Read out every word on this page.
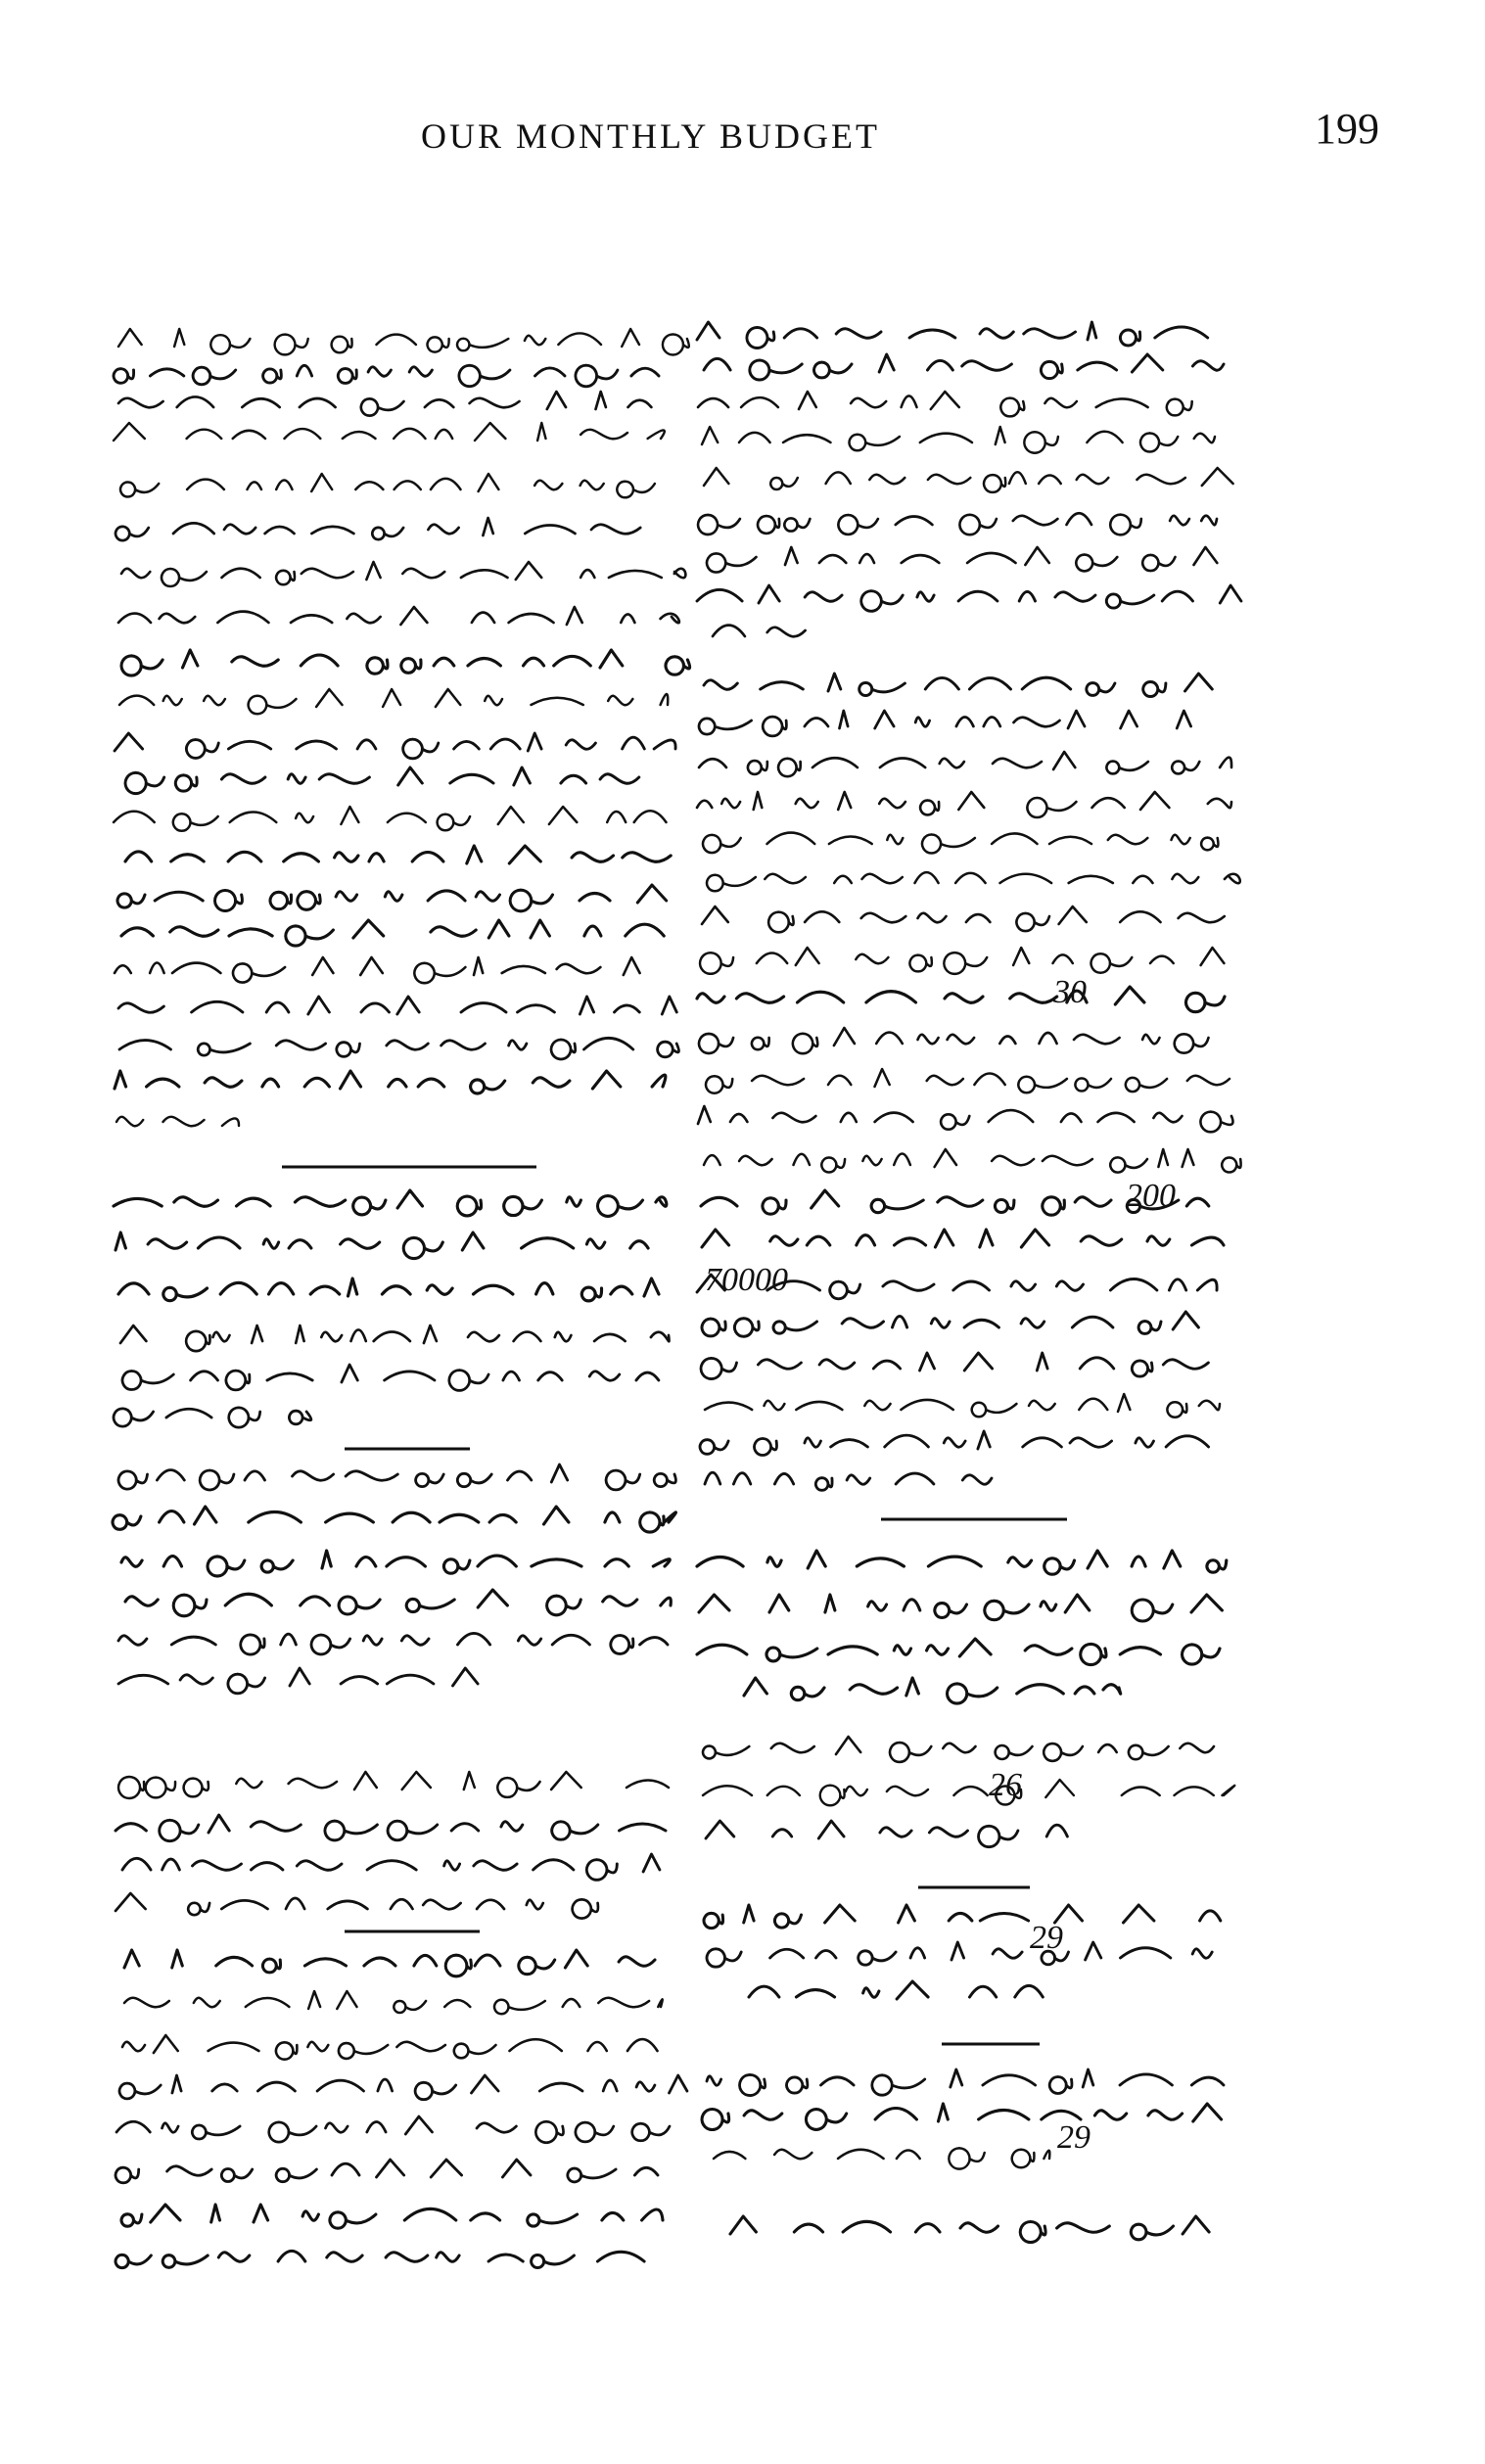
OUR MONTHLY BUDGET	199
30
200
70000
26
29
29
